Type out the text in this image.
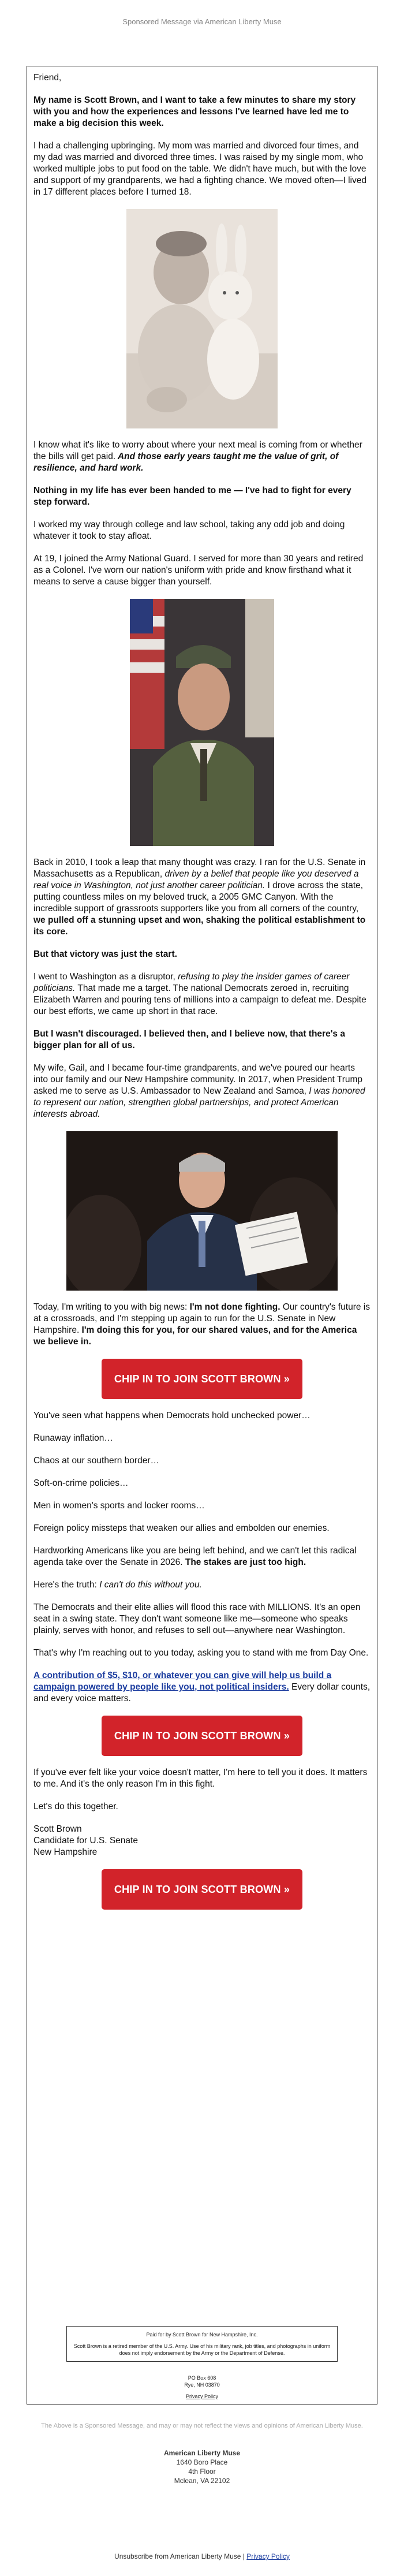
Sponsored Message via American Liberty Muse

Friend,

My name is Scott Brown, and I want to take a few minutes to share my story with you and how the experiences and lessons I've learned have led me to make a big decision this week.

I had a challenging upbringing. My mom was married and divorced four times, and my dad was married and divorced three times. I was raised by my single mom, who worked multiple jobs to put food on the table. We didn't have much, but with the love and support of my grandparents, we had a fighting chance. We moved often—I lived in 17 different places before I turned 18.

I know what it's like to worry about where your next meal is coming from or whether the bills will get paid. And those early years taught me the value of grit, of resilience, and hard work.

Nothing in my life has ever been handed to me — I've had to fight for every step forward.

I worked my way through college and law school, taking any odd job and doing whatever it took to stay afloat.

At 19, I joined the Army National Guard. I served for more than 30 years and retired as a Colonel. I've worn our nation's uniform with pride and know firsthand what it means to serve a cause bigger than yourself.

Back in 2010, I took a leap that many thought was crazy. I ran for the U.S. Senate in Massachusetts as a Republican, driven by a belief that people like you deserved a real voice in Washington, not just another career politician. I drove across the state, putting countless miles on my beloved truck, a 2005 GMC Canyon. With the incredible support of grassroots supporters like you from all corners of the country, we pulled off a stunning upset and won, shaking the political establishment to its core.

But that victory was just the start.

I went to Washington as a disruptor, refusing to play the insider games of career politicians. That made me a target. The national Democrats zeroed in, recruiting Elizabeth Warren and pouring tens of millions into a campaign to defeat me. Despite our best efforts, we came up short in that race.

But I wasn't discouraged. I believed then, and I believe now, that there's a bigger plan for all of us.

My wife, Gail, and I became four-time grandparents, and we've poured our hearts into our family and our New Hampshire community. In 2017, when President Trump asked me to serve as U.S. Ambassador to New Zealand and Samoa, I was honored to represent our nation, strengthen global partnerships, and protect American interests abroad.

Today, I'm writing to you with big news: I'm not done fighting. Our country's future is at a crossroads, and I'm stepping up again to run for the U.S. Senate in New Hampshire. I'm doing this for you, for our shared values, and for the America we believe in.

CHIP IN TO JOIN SCOTT BROWN »

You've seen what happens when Democrats hold unchecked power…

Runaway inflation…

Chaos at our southern border…

Soft-on-crime policies…

Men in women's sports and locker rooms…

Foreign policy missteps that weaken our allies and embolden our enemies.

Hardworking Americans like you are being left behind, and we can't let this radical agenda take over the Senate in 2026. The stakes are just too high.

Here's the truth: I can't do this without you.

The Democrats and their elite allies will flood this race with MILLIONS. It's an open seat in a swing state. They don't want someone like me—someone who speaks plainly, serves with honor, and refuses to sell out—anywhere near Washington.

That's why I'm reaching out to you today, asking you to stand with me from Day One.

A contribution of $5, $10, or whatever you can give will help us build a campaign powered by people like you, not political insiders. Every dollar counts, and every voice matters.

CHIP IN TO JOIN SCOTT BROWN »

If you've ever felt like your voice doesn't matter, I'm here to tell you it does. It matters to me. And it's the only reason I'm in this fight.

Let's do this together.

Scott Brown
Candidate for U.S. Senate
New Hampshire

CHIP IN TO JOIN SCOTT BROWN »
Paid for by Scott Brown for New Hampshire, Inc.
Scott Brown is a retired member of the U.S. Army. Use of his military rank, job titles, and photographs in uniform does not imply endorsement by the Army or the Department of Defense.
PO Box 608
Rye, NH 03870
Privacy Policy
The Above is a Sponsored Message, and may or may not reflect the views and opinions of American Liberty Muse.
American Liberty Muse
1640 Boro Place
4th Floor
Mclean, VA 22102
Unsubscribe from American Liberty Muse | Privacy Policy
